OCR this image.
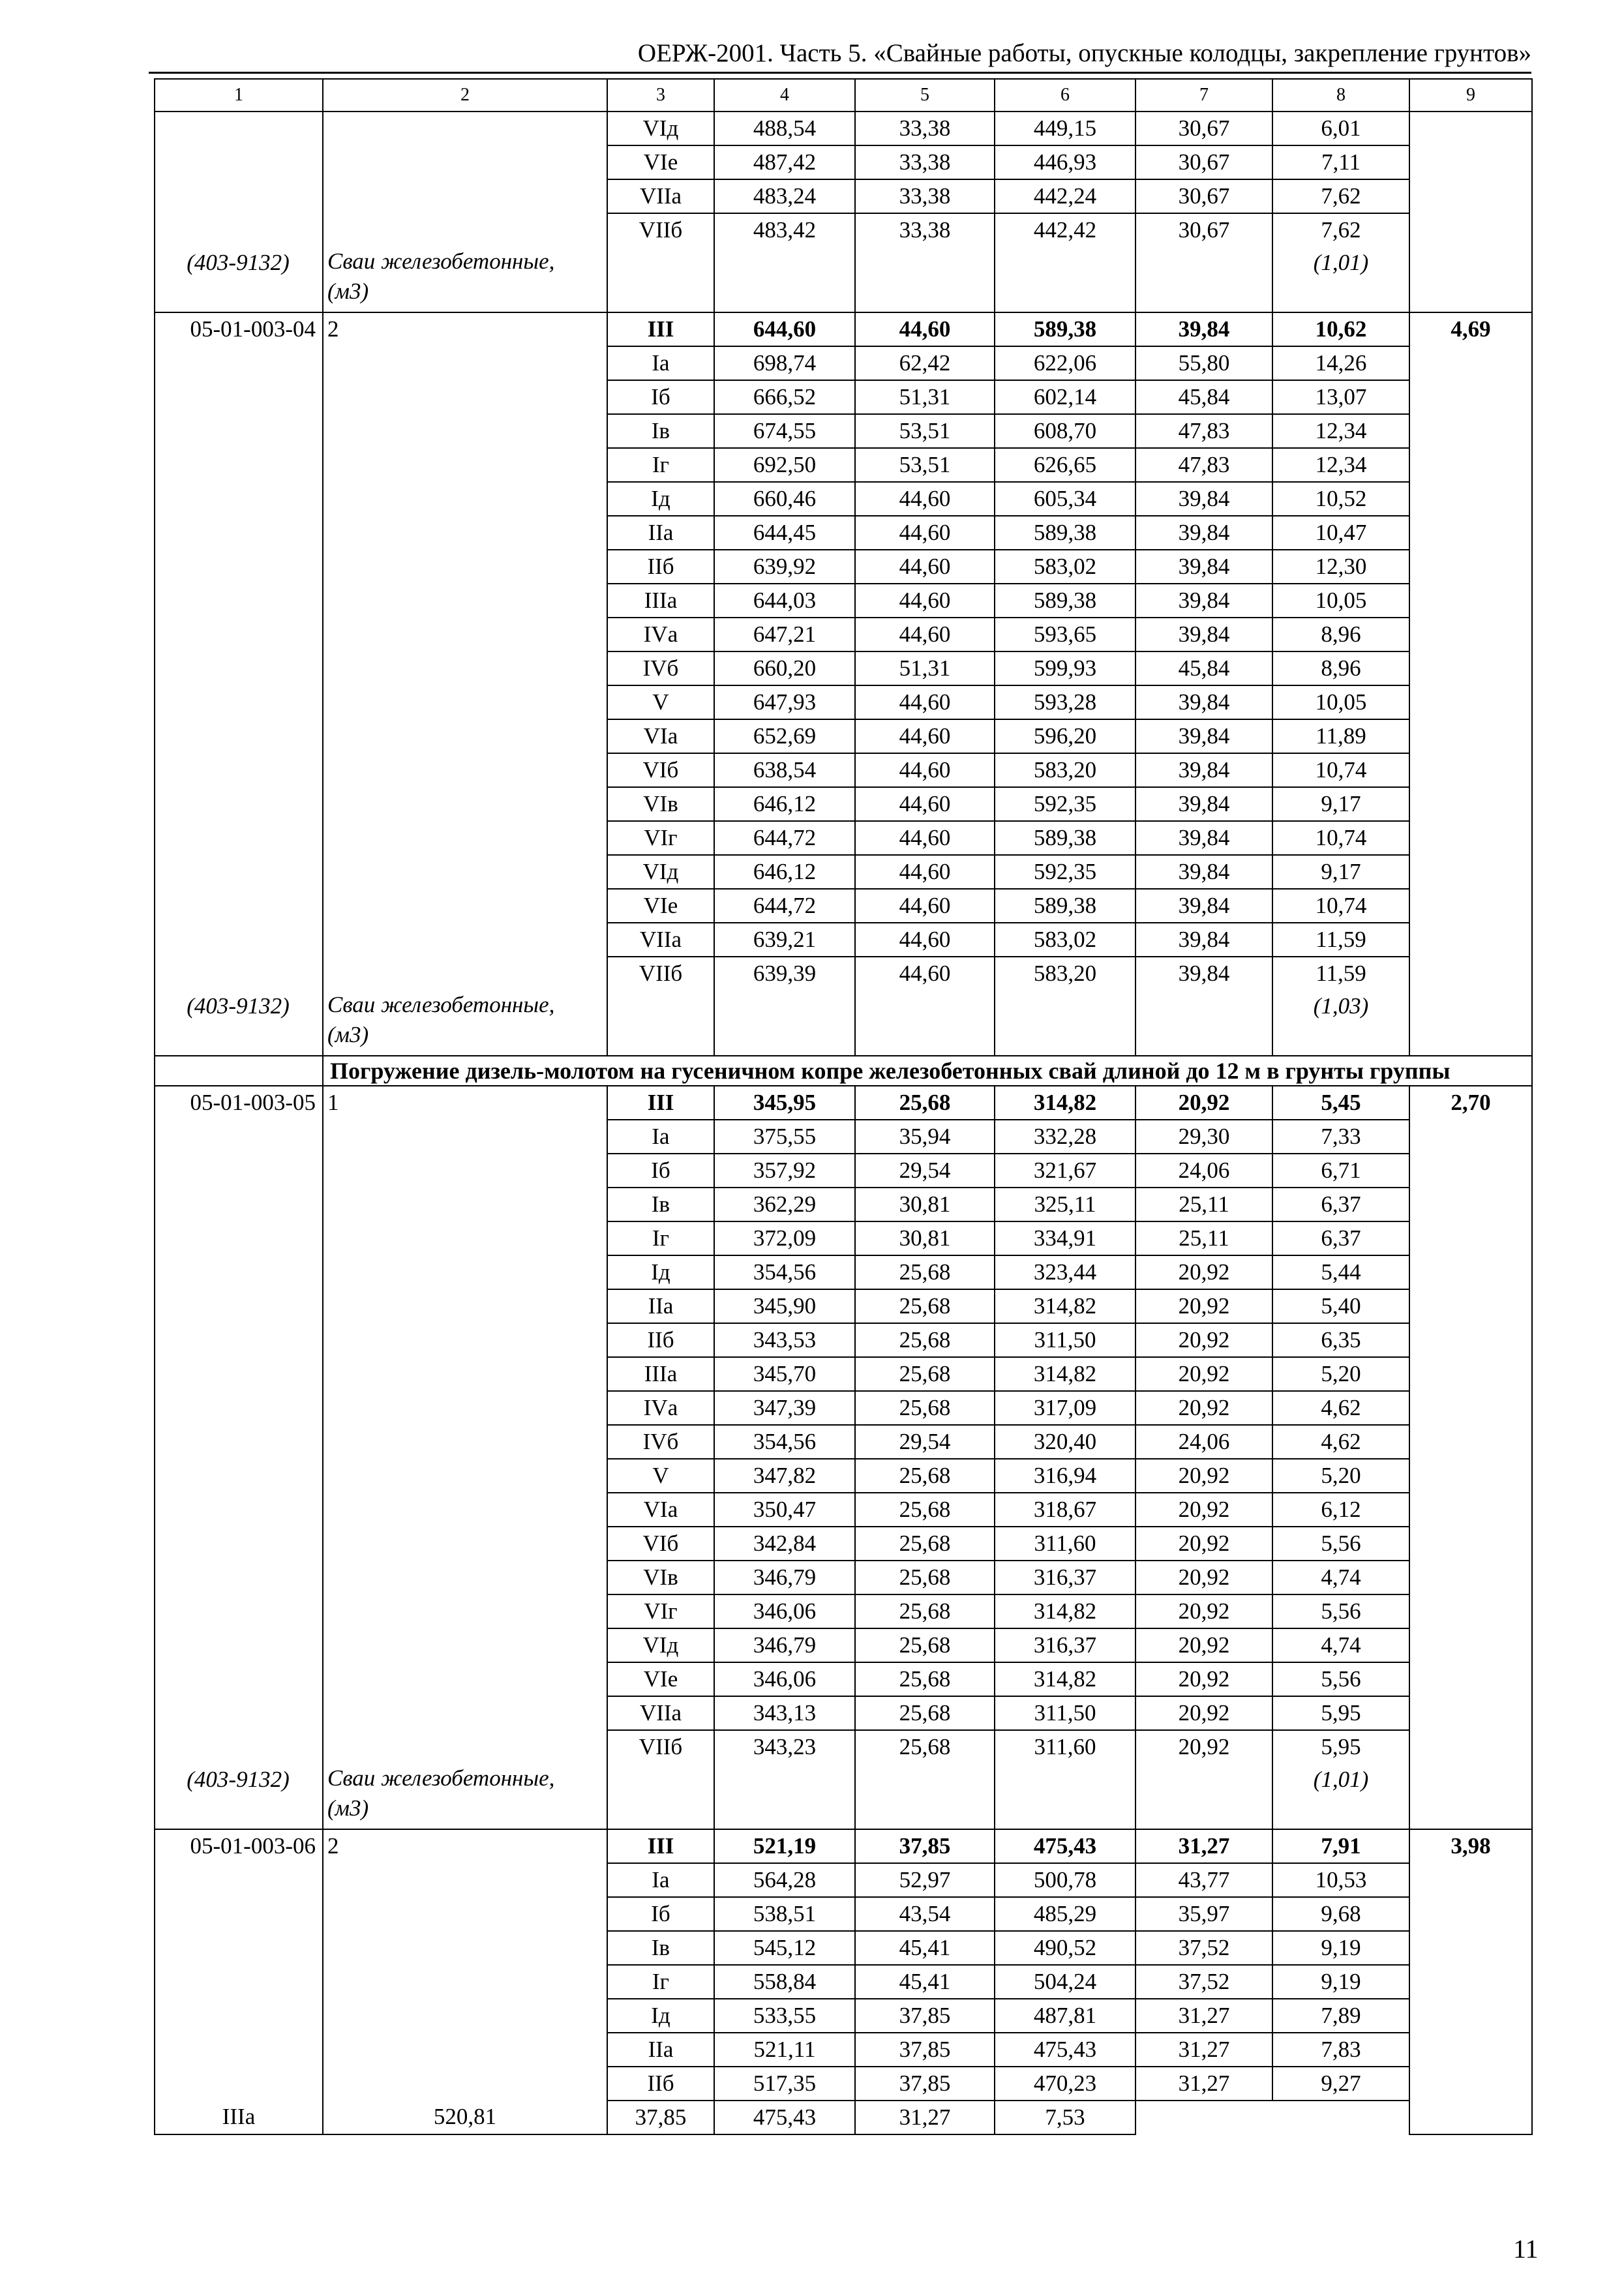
ОЕРЖ-2001. Часть 5. «Свайные работы, опускные колодцы, закрепление грунтов»
1	2	3	4	5	6	7	8	9
		VIд	488,54	33,38	449,15	30,67	6,01	
		VIе	487,42	33,38	446,93	30,67	7,11	
		VIIа	483,24	33,38	442,24	30,67	7,62	
		VIIб	483,42	33,38	442,42	30,67	7,62	

(403-9132)	Сваи железобетонные, (м3)						(1,01)	

05-01-003-04	2	III	644,60	44,60	589,38	39,84	10,62	4,69
		Iа	698,74	62,42	622,06	55,80	14,26	
		Iб	666,52	51,31	602,14	45,84	13,07	
		Iв	674,55	53,51	608,70	47,83	12,34	
		Iг	692,50	53,51	626,65	47,83	12,34	
		Iд	660,46	44,60	605,34	39,84	10,52	
		IIа	644,45	44,60	589,38	39,84	10,47	
		IIб	639,92	44,60	583,02	39,84	12,30	
		IIIа	644,03	44,60	589,38	39,84	10,05	
		IVа	647,21	44,60	593,65	39,84	8,96	
		IVб	660,20	51,31	599,93	45,84	8,96	
		V	647,93	44,60	593,28	39,84	10,05	
		VIа	652,69	44,60	596,20	39,84	11,89	
		VIб	638,54	44,60	583,20	39,84	10,74	
		VIв	646,12	44,60	592,35	39,84	9,17	
		VIг	644,72	44,60	589,38	39,84	10,74	
		VIд	646,12	44,60	592,35	39,84	9,17	
		VIе	644,72	44,60	589,38	39,84	10,74	
		VIIа	639,21	44,60	583,02	39,84	11,59	
		VIIб	639,39	44,60	583,20	39,84	11,59	

(403-9132)	Сваи железобетонные, (м3)						(1,03)	

	Погружение дизель-молотом на гусеничном копре железобетонных свай длиной до 12 м в грунты группы							
05-01-003-05	1	III	345,95	25,68	314,82	20,92	5,45	2,70
		Iа	375,55	35,94	332,28	29,30	7,33	
		Iб	357,92	29,54	321,67	24,06	6,71	
		Iв	362,29	30,81	325,11	25,11	6,37	
		Iг	372,09	30,81	334,91	25,11	6,37	
		Iд	354,56	25,68	323,44	20,92	5,44	
		IIа	345,90	25,68	314,82	20,92	5,40	
		IIб	343,53	25,68	311,50	20,92	6,35	
		IIIа	345,70	25,68	314,82	20,92	5,20	
		IVа	347,39	25,68	317,09	20,92	4,62	
		IVб	354,56	29,54	320,40	24,06	4,62	
		V	347,82	25,68	316,94	20,92	5,20	
		VIа	350,47	25,68	318,67	20,92	6,12	
		VIб	342,84	25,68	311,60	20,92	5,56	
		VIв	346,79	25,68	316,37	20,92	4,74	
		VIг	346,06	25,68	314,82	20,92	5,56	
		VIд	346,79	25,68	316,37	20,92	4,74	
		VIе	346,06	25,68	314,82	20,92	5,56	
		VIIа	343,13	25,68	311,50	20,92	5,95	
		VIIб	343,23	25,68	311,60	20,92	5,95	

(403-9132)	Сваи железобетонные, (м3)						(1,01)	

05-01-003-06	2	III	521,19	37,85	475,43	31,27	7,91	3,98
		Iа	564,28	52,97	500,78	43,77	10,53	
		Iб	538,51	43,54	485,29	35,97	9,68	
		Iв	545,12	45,41	490,52	37,52	9,19	
		Iг	558,84	45,41	504,24	37,52	9,19	
		Iд	533,55	37,85	487,81	31,27	7,89	
		IIа	521,11	37,85	475,43	31,27	7,83	
		IIб	517,35	37,85	470,23	31,27	9,27	
IIIа	520,81	37,85	475,43	31,27	7,53			
11
